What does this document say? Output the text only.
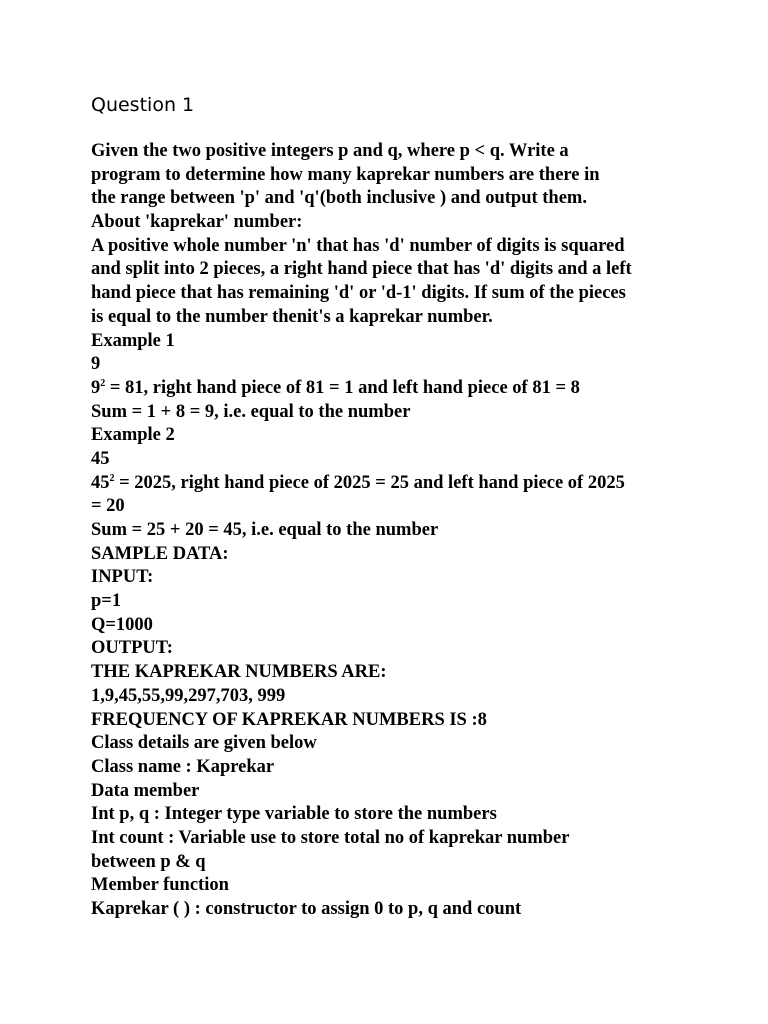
Question 1
Given the two positive integers p and q, where p < q. Write a
program to determine how many kaprekar numbers are there in
the range between 'p' and 'q'(both inclusive ) and output them.
About 'kaprekar' number:
A positive whole number 'n' that has 'd' number of digits is squared
and split into 2 pieces, a right hand piece that has 'd' digits and a left
hand piece that has remaining 'd' or 'd-1' digits. If sum of the pieces
is equal to the number thenit's a kaprekar number.
Example 1
9
$9^2 = 81$, right hand piece of 81 = 1 and left hand piece of 81 = 8
Sum = 1 + 8 = 9, i.e. equal to the number
Example 2
45
$45^2 = 2025$, right hand piece of 2025 = 25 and left hand piece of 2025
= 20
Sum = 25 + 20 = 45, i.e. equal to the number
SAMPLE DATA:
INPUT:
p=1
Q=1000
OUTPUT:
THE KAPREKAR NUMBERS ARE:
1,9,45,55,99,297,703, 999
FREQUENCY OF KAPREKAR NUMBERS IS :8
Class details are given below
Class name : Kaprekar
Data member
Int p, q : Integer type variable to store the numbers
Int count : Variable use to store total no of kaprekar number
between p & q
Member function
Kaprekar ( ) : constructor to assign 0 to p, q and count
